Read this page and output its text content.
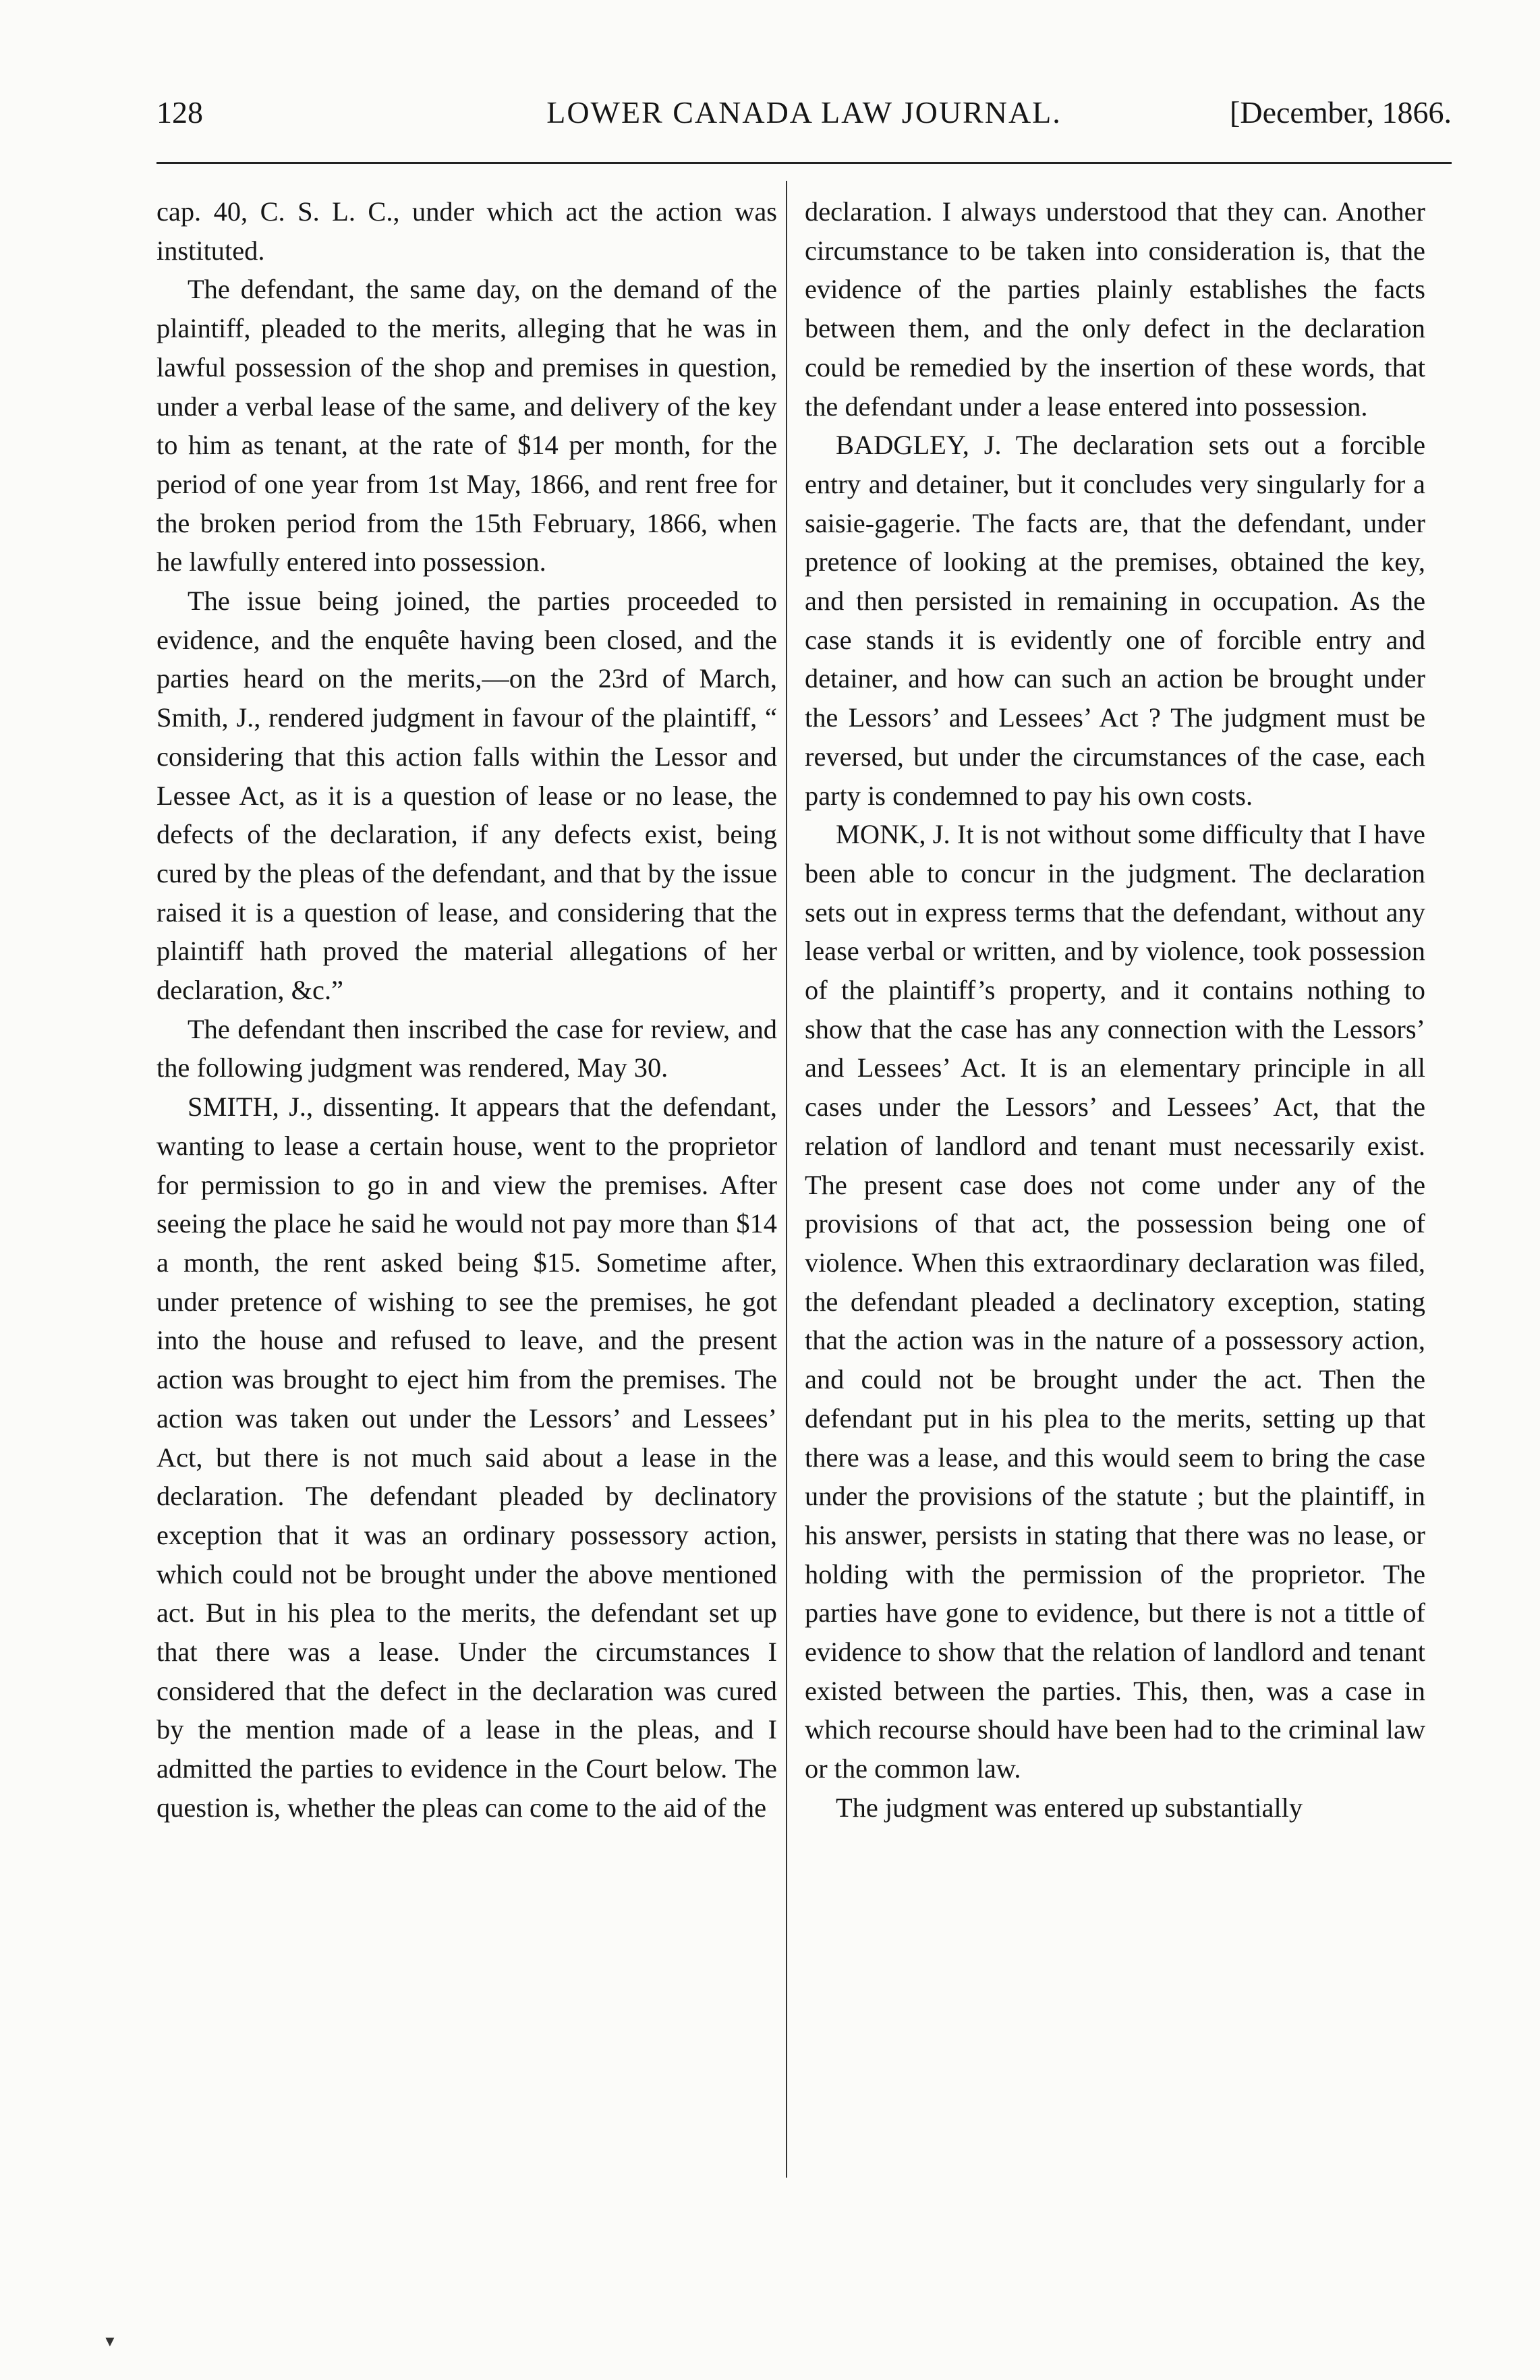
128	LOWER CANADA LAW JOURNAL.	[December, 1866.

cap. 40, C. S. L. C., under which act the action was instituted.

The defendant, the same day, on the demand of the plaintiff, pleaded to the merits, alleging that he was in lawful possession of the shop and premises in question, under a verbal lease of the same, and delivery of the key to him as tenant, at the rate of $14 per month, for the period of one year from 1st May, 1866, and rent free for the broken period from the 15th February, 1866, when he lawfully entered into possession.

The issue being joined, the parties proceeded to evidence, and the enquête having been closed, and the parties heard on the merits,—on the 23rd of March, Smith, J., rendered judgment in favour of the plaintiff, “ considering that this action falls within the Lessor and Lessee Act, as it is a question of lease or no lease, the defects of the declaration, if any defects exist, being cured by the pleas of the defendant, and that by the issue raised it is a question of lease, and considering that the plaintiff hath proved the material allegations of her declaration, &c.”

The defendant then inscribed the case for review, and the following judgment was rendered, May 30.

SMITH, J., dissenting. It appears that the defendant, wanting to lease a certain house, went to the proprietor for permission to go in and view the premises. After seeing the place he said he would not pay more than $14 a month, the rent asked being $15. Sometime after, under pretence of wishing to see the premises, he got into the house and refused to leave, and the present action was brought to eject him from the premises. The action was taken out under the Lessors’ and Lessees’ Act, but there is not much said about a lease in the declaration. The defendant pleaded by declinatory exception that it was an ordinary possessory action, which could not be brought under the above mentioned act. But in his plea to the merits, the defendant set up that there was a lease. Under the circumstances I considered that the defect in the declaration was cured by the mention made of a lease in the pleas, and I admitted the parties to evidence in the Court below. The question is, whether the pleas can come to the aid of the

declaration. I always understood that they can. Another circumstance to be taken into consideration is, that the evidence of the parties plainly establishes the facts between them, and the only defect in the declaration could be remedied by the insertion of these words, that the defendant under a lease entered into possession.

BADGLEY, J. The declaration sets out a forcible entry and detainer, but it concludes very singularly for a saisie-gagerie. The facts are, that the defendant, under pretence of looking at the premises, obtained the key, and then persisted in remaining in occupation. As the case stands it is evidently one of forcible entry and detainer, and how can such an action be brought under the Lessors’ and Lessees’ Act ? The judgment must be reversed, but under the circumstances of the case, each party is condemned to pay his own costs.

MONK, J. It is not without some difficulty that I have been able to concur in the judgment. The declaration sets out in express terms that the defendant, without any lease verbal or written, and by violence, took possession of the plaintiff’s property, and it contains nothing to show that the case has any connection with the Lessors’ and Lessees’ Act. It is an elementary principle in all cases under the Lessors’ and Lessees’ Act, that the relation of landlord and tenant must necessarily exist. The present case does not come under any of the provisions of that act, the possession being one of violence. When this extraordinary declaration was filed, the defendant pleaded a declinatory exception, stating that the action was in the nature of a possessory action, and could not be brought under the act. Then the defendant put in his plea to the merits, setting up that there was a lease, and this would seem to bring the case under the provisions of the statute ; but the plaintiff, in his answer, persists in stating that there was no lease, or holding with the permission of the proprietor. The parties have gone to evidence, but there is not a tittle of evidence to show that the relation of landlord and tenant existed between the parties. This, then, was a case in which recourse should have been had to the criminal law or the common law.

The judgment was entered up substantially

▼
